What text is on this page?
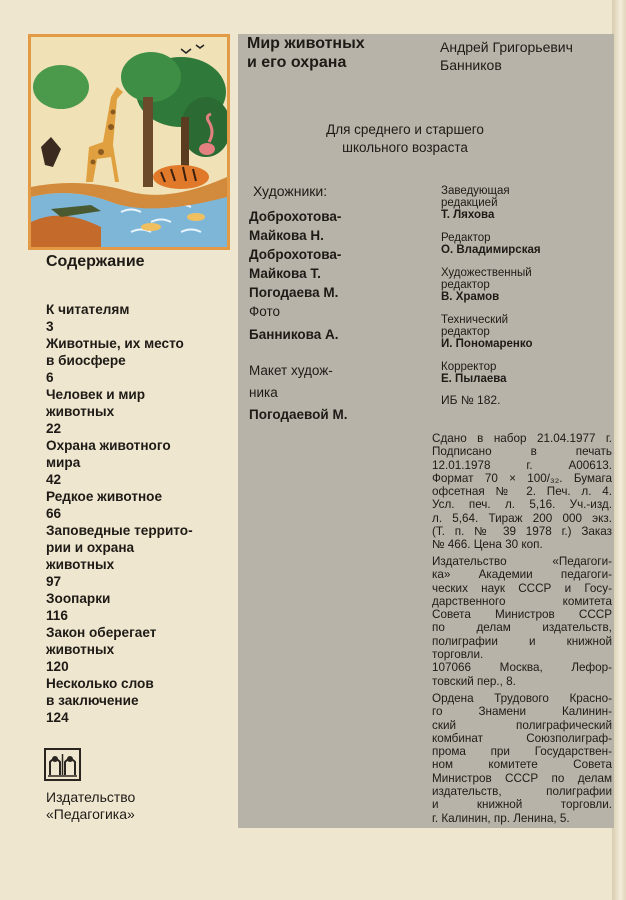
Содержание
К читателям
3
Животные, их место
в биосфере
6
Человек и мир
животных
22
Охрана животного
мира
42
Редкое животное
66
Заповедные террито-
рии и охрана
животных
97
Зоопарки
116
Закон оберегает
животных
120
Несколько слов
в заключение
124
Издательство
«Педагогика»
Мир животных
и его охрана
Андрей Григорьевич
Банников
Для среднего и старшего
школьного возраста
Художники:
Доброхотова-
Майкова Н.
Доброхотова-
Майкова Т.
Погодаева М.
Фото
Банникова А.
Макет худож-
ника
Погодаевой М.
Заведующая
редакцией
Т. Ляхова
Редактор
О. Владимирская
Художественный
редактор
В. Храмов
Технический
редактор
И. Пономаренко
Корректор
Е. Пылаева
ИБ № 182.
Сдано в набор 21.04.1977 г.
Подписано в печать
12.01.1978 г. А00613.
Формат 70 × 100/₃₂. Бумага
офсетная № 2. Печ. л. 4.
Усл. печ. л. 5,16. Уч.-изд.
л. 5,64. Тираж 200 000 экз.
(Т. п. № 39 1978 г.) Заказ
№ 466. Цена 30 коп.
Издательство «Педагоги-
ка» Академии педагоги-
ческих наук СССР и Госу-
дарственного комитета
Совета Министров СССР
по делам издательств,
полиграфии и книжной
торговли.
107066 Москва, Лефор-
товский пер., 8.
Ордена Трудового Красно-
го Знамени Калинин-
ский полиграфический
комбинат Союзполиграф-
прома при Государствен-
ном комитете Совета
Министров СССР по делам
издательств, полиграфии
и книжной торговли.
г. Калинин, пр. Ленина, 5.
